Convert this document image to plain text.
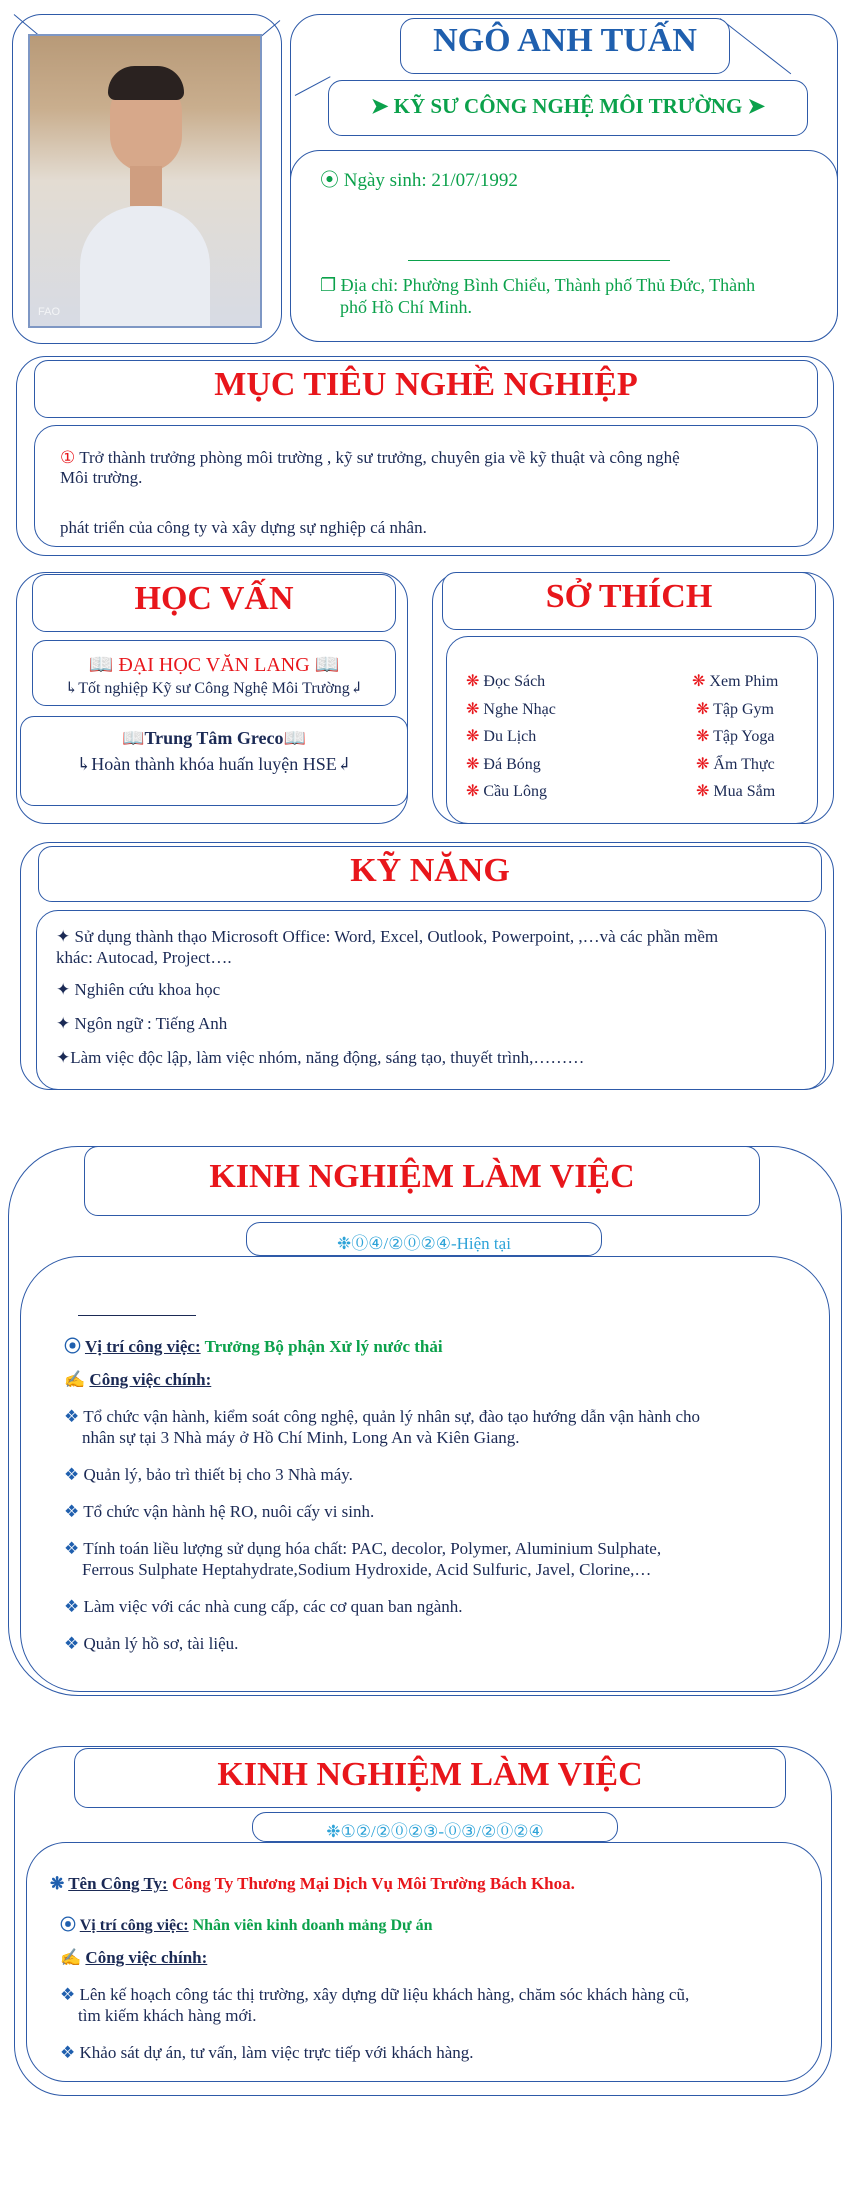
FAO
NGÔ ANH TUẤN
➤ KỸ SƯ CÔNG NGHỆ MÔI TRƯỜNG ➤
⦿ Ngày sinh: 21/07/1992
❐ Địa chỉ: Phường Bình Chiểu, Thành phố Thủ Đức, Thành
phố Hồ Chí Minh.
MỤC TIÊU NGHỀ NGHIỆP
① Trở thành trưởng phòng môi trường , kỹ sư trưởng, chuyên gia về kỹ thuật và công nghệ
Môi trường.
phát triển của công ty và xây dựng sự nghiệp cá nhân.
HỌC VẤN
📖 ĐẠI HỌC VĂN LANG 📖
↳Tốt nghiệp Kỹ sư Công Nghệ Môi Trường↲
📖Trung Tâm Greco📖
↳Hoàn thành khóa huấn luyện HSE↲
SỞ THÍCH
❋ Đọc Sách
❋ Nghe Nhạc
❋ Du Lịch
❋ Đá Bóng
❋ Cầu Lông
❋ Xem Phim
❋ Tập Gym
❋ Tập Yoga
❋ Ẩm Thực
❋ Mua Sắm
KỸ NĂNG
✦ Sử dụng thành thạo Microsoft Office: Word, Excel, Outlook, Powerpoint, ,…và các phần mềm
khác: Autocad, Project….
✦ Nghiên cứu khoa học
✦ Ngôn ngữ : Tiếng Anh
✦Làm việc độc lập, làm việc nhóm, năng động, sáng tạo, thuyết trình,………
KINH NGHIỆM LÀM VIỆC
❉⓪④/②⓪②④-Hiện tại
⦿ Vị trí công việc: Trưởng Bộ phận Xử lý nước thải
✍ Công việc chính:
❖ Tổ chức vận hành, kiểm soát công nghệ, quản lý nhân sự, đào tạo hướng dẫn vận hành cho
nhân sự tại 3 Nhà máy ở Hồ Chí Minh, Long An và Kiên Giang.
❖ Quản lý, bảo trì thiết bị cho 3 Nhà máy.
❖ Tổ chức vận hành hệ RO, nuôi cấy vi sinh.
❖ Tính toán liều lượng sử dụng hóa chất: PAC, decolor, Polymer, Aluminium Sulphate,
Ferrous Sulphate Heptahydrate,Sodium Hydroxide, Acid Sulfuric, Javel, Clorine,…
❖ Làm việc với các nhà cung cấp, các cơ quan ban ngành.
❖ Quản lý hồ sơ, tài liệu.
KINH NGHIỆM LÀM VIỆC
❉①②/②⓪②③-⓪③/②⓪②④
❋ Tên Công Ty: Công Ty Thương Mại Dịch Vụ Môi Trường Bách Khoa.
⦿ Vị trí công việc: Nhân viên kinh doanh mảng Dự án
✍ Công việc chính:
❖ Lên kế hoạch công tác thị trường, xây dựng dữ liệu khách hàng, chăm sóc khách hàng cũ,
tìm kiếm khách hàng mới.
❖ Khảo sát dự án, tư vấn, làm việc trực tiếp với khách hàng.
